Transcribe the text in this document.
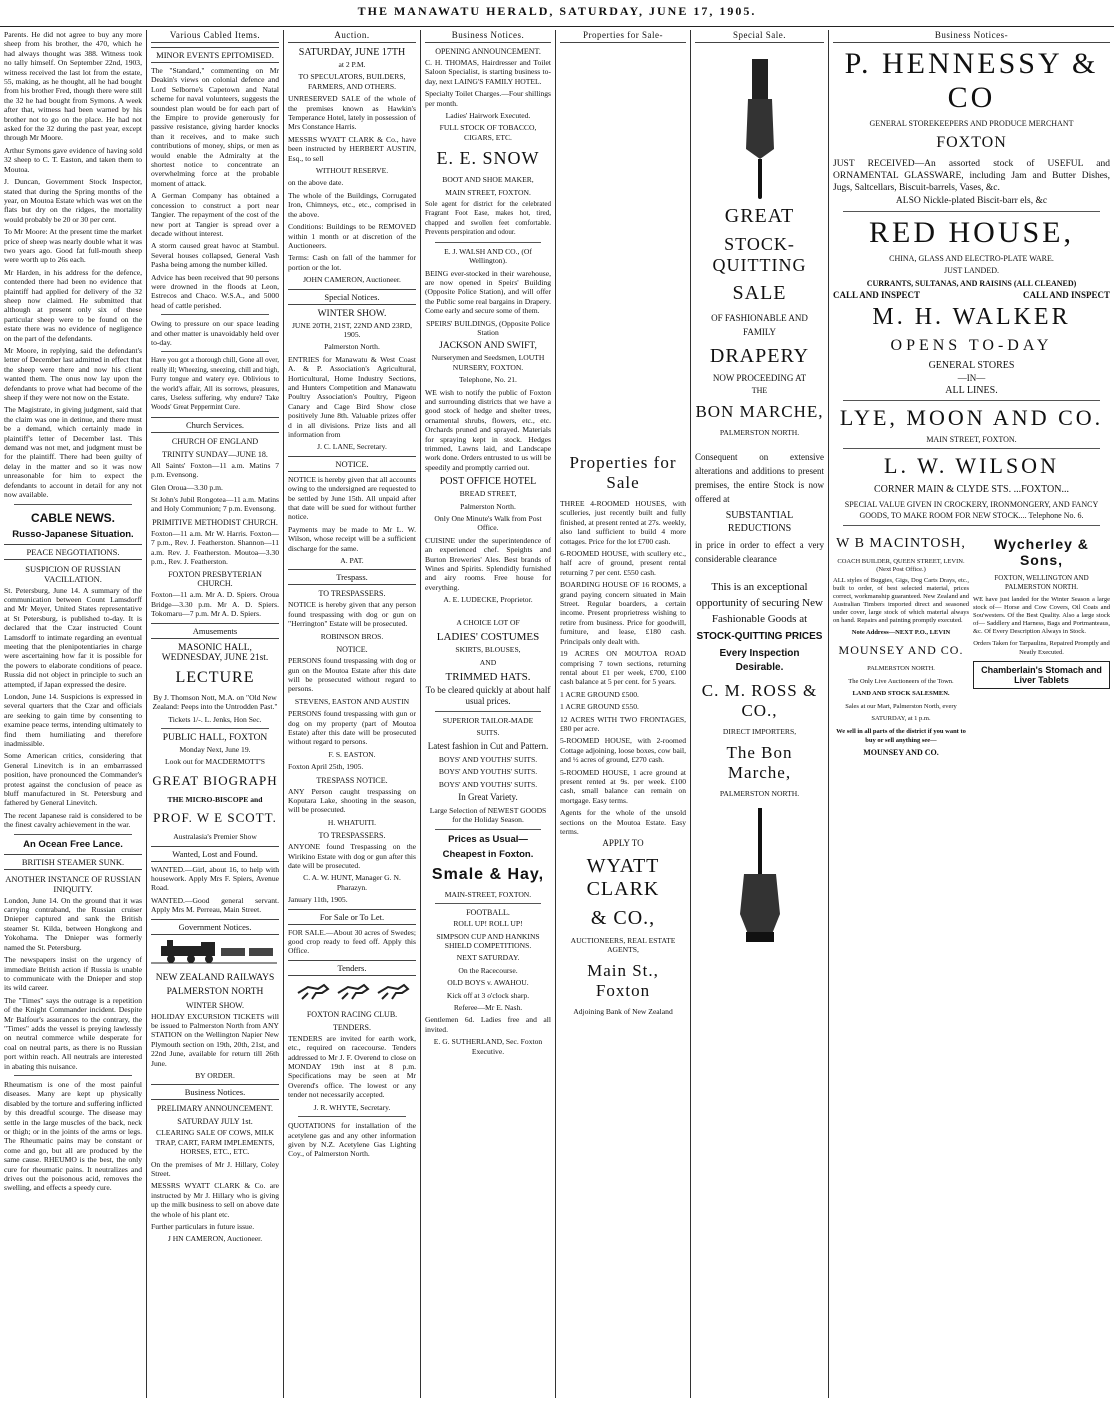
THE MANAWATU HERALD, SATURDAY, JUNE 17, 1905.

Parents. He did not agree to buy any more sheep from his brother, the 470, which he had always thought was 388. Witness took no tally himself. On September 22nd, 1903, witness received the last lot from the estate, 55, making, as he thought, all he had bought from his brother Fred, though there were still the 32 he had bought from Symons. A week after that, witness had been warned by his brother not to go on the place. He had not asked for the 32 during the past year, except through Mr Moore.

Arthur Symons gave evidence of having sold 32 sheep to C. T. Easton, and taken them to Moutoa.

J. Duncan, Government Stock Inspector, stated that during the Spring months of the year, on Moutoa Estate which was wet on the flats but dry on the ridges, the mortality would probably be 20 or 30 per cent.

To Mr Moore: At the present time the market price of sheep was nearly double what it was two years ago. Good fat full-mouth sheep were worth up to 26s each.

Mr Harden, in his address for the defence, contended there had been no evidence that plaintiff had applied for delivery of the 32 sheep now claimed. He submitted that although at present only six of these particular sheep were to be found on the estate there was no evidence of negligence on the part of the defendants.

Mr Moore, in replying, said the defendant's letter of December last admitted in effect that the sheep were there and now his client wanted them. The onus now lay upon the defendants to prove what had become of the sheep if they were not now on the Estate.

The Magistrate, in giving judgment, said that the claim was one in detinue, and there must be a demand, which certainly made in plaintiff's letter of December last. This demand was not met, and judgment must be for the plaintiff. There had been guilty of delay in the matter and so it was now unreasonable for him to expect the defendants to account in detail for any not now available.

CABLE NEWS.
Russo-Japanese Situation.
PEACE NEGOTIATIONS.
SUSPICION OF RUSSIAN VACILLATION.

St. Petersburg, June 14. A summary of the communication between Count Lamsdorff and Mr Meyer, United States representative at St Petersburg, is published to-day. It is declared that the Czar instructed Count Lamsdorff to intimate regarding an eventual meeting that the plenipotentiaries in charge were ascertaining how far it is possible for the powers to elaborate conditions of peace. Russia did not object in principle to such an attempted, if Japan expressed the desire.

London, June 14. Suspicions is expressed in several quarters that the Czar and officials are seeking to gain time by consenting to examine peace terms, intending ultimately to find them humiliating and therefore inadmissible.

Some American critics, considering that General Linevitch is in an embarrassed position, have pronounced the Commander's protest against the conclusion of peace as bluff manufactured in St. Petersburg and fathered by General Linevitch.

The recent Japanese raid is considered to be the finest cavalry achievement in the war.

An Ocean Free Lance.
BRITISH STEAMER SUNK.
ANOTHER INSTANCE OF RUSSIAN INIQUITY.

London, June 14. On the ground that it was carrying contraband, the Russian cruiser Dnieper captured and sank the British steamer St. Kilda, between Hongkong and Yokohama. The Dnieper was formerly named the St. Petersburg.

The newspapers insist on the urgency of immediate British action if Russia is unable to communicate with the Dnieper and stop its wild career.

The "Times" says the outrage is a repetition of the Knight Commander incident. Despite Mr Balfour's assurances to the contrary, the "Times" adds the vessel is preying lawlessly on neutral commerce while desperate for coal on neutral parts, as there is no Russian port within reach. All neutrals are interested in abating this nuisance.

Rheumatism is one of the most painful diseases. Many are kept up physically disabled by the torture and suffering inflicted by this dreadful scourge. The disease may settle in the large muscles of the back, neck or thigh; or in the joints of the arms or legs. The Rheumatic pains may be constant or come and go, but all are produced by the same cause. RHEUMO is the best, the only cure for rheumatic pains. It neutralizes and drives out the poisonous acid, removes the swelling, and effects a speedy cure.

Various Cabled Items.
MINOR EVENTS EPITOMISED.

The "Standard," commenting on Mr Deakin's views on colonial defence and Lord Selborne's Capetown and Natal scheme for naval volunteers, suggests the soundest plan would be for each part of the Empire to provide generously for passive resistance, giving harder knocks than it receives, and to make such contributions of money, ships, or men as would enable the Admiralty at the shortest notice to concentrate an overwhelming force at the probable moment of attack.

A German Company has obtained a concession to construct a port near Tangier. The repayment of the cost of the new port at Tangier is spread over a decade without interest.

A storm caused great havoc at Stambul. Several houses collapsed, General Vash Pasha being among the number killed.

Advice has been received that 90 persons were drowned in the floods at Leon, Estrecos and Chaco. W.S.A., and 5000 head of cattle perished.

Owing to pressure on our space leading and other matter is unavoidably held over to-day.

Have you got a thorough chill, Gone all over, really ill; Wheezing, sneezing, chill and high, Furry tongue and watery eye. Oblivious to the world's affair, All its sorrows, pleasures, cares, Useless suffering, why endure? Take Woods' Great Peppermint Cure.

Church Services.
CHURCH OF ENGLAND
TRINITY SUNDAY—JUNE 18.

All Saints' Foxton—11 a.m. Matins 7 p.m. Evensong.

Glen Oroua—3.30 p.m.

St John's Jubil Rongotea—11 a.m. Matins and Holy Communion; 7 p.m. Evensong.

PRIMITIVE METHODIST CHURCH.

Foxton—11 a.m. Mr W. Harris. Foxton—7 p.m., Rev. J. Featherston. Shannon—11 a.m. Rev. J. Featherston. Moutoa—3.30 p.m., Rev. J. Featherston.

FOXTON PRESBYTERIAN CHURCH.

Foxton—11 a.m. Mr A. D. Spiers. Oroua Bridge—3.30 p.m. Mr A. D. Spiers. Tokomaru—7 p.m. Mr A. D. Spiers.

Amusements
MASONIC HALL, WEDNESDAY, JUNE 21st.
LECTURE

By J. Thomson Nott, M.A. on "Old New Zealand: Peeps into the Untrodden Past."

Tickets 1/-. L. Jenks, Hon Sec.

PUBLIC HALL, FOXTON

Monday Next, June 19.

Look out for MACDERMOTT'S

GREAT BIOGRAPH

THE MICRO-BISCOPE and

PROF. W E SCOTT.

Australasia's Premier Show

Wanted, Lost and Found.

WANTED.—Girl, about 16, to help with housework. Apply Mrs F. Spiers, Avenue Road.

WANTED.—Good general servant. Apply Mrs M. Perreau, Main Street.

Government Notices.
NEW ZEALAND RAILWAYS
PALMERSTON NORTH
WINTER SHOW.

HOLIDAY EXCURSION TICKETS will be issued to Palmerston North from ANY STATION on the Wellington Napier New Plymouth section on 19th, 20th, 21st, and 22nd June, available for return till 26th June.

BY ORDER.

Business Notices.
PRELIMARY ANNOUNCEMENT.
SATURDAY JULY 1st.

CLEARING SALE OF COWS, MILK TRAP, CART, FARM IMPLEMENTS, HORSES, ETC., ETC.

On the premises of Mr J. Hillary, Coley Street.

MESSRS WYATT CLARK & Co. are instructed by Mr J. Hillary who is giving up the milk business to sell on above date the whole of his plant etc.

Further particulars in future issue.

J HN CAMERON, Auctioneer.

Auction.
SATURDAY, JUNE 17TH

at 2 P.M.

TO SPECULATORS, BUILDERS, FARMERS, AND OTHERS.

UNRESERVED SALE of the whole of the premises known as Hawkin's Temperance Hotel, lately in possession of Mrs Constance Harris.

MESSRS WYATT CLARK & Co., have been instructed by HERBERT AUSTIN, Esq., to sell

WITHOUT RESERVE.

on the above date.

The whole of the Buildings, Corrugated Iron, Chimneys, etc., etc., comprised in the above.

Conditions: Buildings to be REMOVED within 1 month or at discretion of the Auctioneers.

Terms: Cash on fall of the hammer for portion or the lot.

JOHN CAMERON, Auctioneer.

Special Notices.
WINTER SHOW.

JUNE 20TH, 21ST, 22ND AND 23RD, 1905.

Palmerston North.

ENTRIES for Manawatu & West Coast A. & P. Association's Agricultural, Horticultural, Home Industry Sections, and Hunters Competition and Manawatu Poultry Association's Poultry, Pigeon Canary and Cage Bird Show close positively June 8th. Valuable prizes offer d in all divisions. Prize lists and all information from

J. C. LANE, Secretary.

NOTICE.

NOTICE is hereby given that all accounts owing to the undersigned are requested to be settled by June 15th. All unpaid after that date will be sued for without further notice.

Payments may be made to Mr L. W. Wilson, whose receipt will be a sufficient discharge for the same.

A. PAT.

Trespass.
TO TRESPASSERS.

NOTICE is hereby given that any person found trespassing with dog or gun on "Herrington" Estate will be prosecuted.

ROBINSON BROS.

NOTICE.

PERSONS found trespassing with dog or gun on the Moutoa Estate after this date will be prosecuted without regard to persons.

STEVENS, EASTON AND AUSTIN

PERSONS found trespassing with gun or dog on my property (part of Moutoa Estate) after this date will be prosecuted without regard to persons.

F. S. EASTON.

Foxton April 25th, 1905.

TRESPASS NOTICE.

ANY Person caught trespassing on Koputara Lake, shooting in the season, will be prosecuted.

H. WHATUITI.

TO TRESPASSERS.

ANYONE found Trespassing on the Wirikino Estate with dog or gun after this date will be prosecuted.

C. A. W. HUNT, Manager G. N. Pharazyn.

January 11th, 1905.

For Sale or To Let.

FOR SALE.—About 30 acres of Swedes; good crop ready to feed off. Apply this Office.

Tenders.
FOXTON RACING CLUB.
TENDERS.

TENDERS are invited for earth work, etc., required on racecourse. Tenders addressed to Mr J. F. Overend to close on MONDAY 19th inst at 8 p.m. Specifications may be seen at Mr Overend's office. The lowest or any tender not necessarily accepted.

J. R. WHYTE, Secretary.

QUOTATIONS for installation of the acetylene gas and any other information given by N.Z. Acetylene Gas Lighting Coy., of Palmerston North.

Business Notices.
OPENING ANNOUNCEMENT.

C. H. THOMAS, Hairdresser and Toilet Saloon Specialist, is starting business to-day, next LAING'S FAMILY HOTEL.

Specialty Toilet Charges.—Four shillings per month.

Ladies' Hairwork Executed.

FULL STOCK OF TOBACCO, CIGARS, ETC.

E. E. SNOW

BOOT AND SHOE MAKER,

MAIN STREET, FOXTON.

Sole agent for district for the celebrated Fragrant Foot Ease, makes hot, tired, chapped and swollen feet comfortable. Prevents perspiration and odour.

E. J. WALSH AND CO., (Of Wellington).

BEING ever-stocked in their warehouse, are now opened in Speirs' Building (Opposite Police Station), and will offer the Public some real bargains in Drapery. Come early and secure some of them.

SPEIRS' BUILDINGS, (Opposite Police Station

JACKSON AND SWIFT,

Nurserymen and Seedsmen, LOUTH NURSERY, FOXTON.

Telephone, No. 21.

WE wish to notify the public of Foxton and surrounding districts that we have a good stock of hedge and shelter trees, ornamental shrubs, flowers, etc., etc. Orchards pruned and sprayed. Materials for spraying kept in stock. Hedges trimmed, Lawns laid, and Landscape work done. Orders entrusted to us will be speedily and promptly carried out.

POST OFFICE HOTEL

BREAD STREET,

Palmerston North.

Only One Minute's Walk from Post Office.

CUISINE under the superintendence of an experienced chef. Speights and Burton Breweries' Ales. Best brands of Wines and Spirits. Splendidly furnished and airy rooms. Free house for everything.

A. E. LUDECKE, Proprietor.

A CHOICE LOT OF

LADIES' COSTUMES

SKIRTS, BLOUSES,

AND

TRIMMED HATS.

To be cleared quickly at about half usual prices.

SUPERIOR TAILOR-MADE

SUITS.

Latest fashion in Cut and Pattern.

BOYS' AND YOUTHS' SUITS.

BOYS' AND YOUTHS' SUITS.

BOYS' AND YOUTHS' SUITS.

In Great Variety.

Large Selection of NEWEST GOODS for the Holiday Season.

Prices as Usual—
Cheapest in Foxton.
Smale & Hay,

MAIN-STREET, FOXTON.

FOOTBALL.

ROLL UP! ROLL UP!

SIMPSON CUP AND HANKINS SHIELD COMPETITIONS.

NEXT SATURDAY.

On the Racecourse.

OLD BOYS v. AWAHOU.

Kick off at 3 o'clock sharp.

Referee—Mr E. Nash.

Gentlemen 6d. Ladies free and all invited.

E. G. SUTHERLAND, Sec. Foxton Executive.

Properties for Sale-
Properties for Sale

THREE 4-ROOMED HOUSES, with sculleries, just recently built and fully finished, at present rented at 27s. weekly, also land sufficient to build 4 more cottages. Price for the lot £700 cash.

6-ROOMED HOUSE, with scullery etc., half acre of ground, present rental returning 7 per cent. £550 cash.

BOARDING HOUSE OF 16 ROOMS, a grand paying concern situated in Main Street. Regular boarders, a certain income. Present proprietress wishing to retire from business. Price for goodwill, furniture, and lease, £180 cash. Principals only dealt with.

19 ACRES ON MOUTOA ROAD comprising 7 town sections, returning rental about £1 per week, £700, £100 cash balance at 5 per cent. for 5 years.

1 ACRE GROUND £500.

1 ACRE GROUND £550.

12 ACRES WITH TWO FRONTAGES, £80 per acre.

5-ROOMED HOUSE, with 2-roomed Cottage adjoining, loose boxes, cow bail, and ½ acres of ground, £270 cash.

5-ROOMED HOUSE, 1 acre ground at present rented at 9s. per week. £100 cash, small balance can remain on mortgage. Easy terms.

Agents for the whole of the unsold sections on the Moutoa Estate. Easy terms.

APPLY TO

WYATT CLARK
& CO.,

AUCTIONEERS, REAL ESTATE AGENTS,

Main St., Foxton

Adjoining Bank of New Zealand

Special Sale.
GREAT
STOCK-QUITTING
SALE

OF FASHIONABLE AND FAMILY

DRAPERY

NOW PROCEEDING AT

THE

BON MARCHE,

PALMERSTON NORTH.

Consequent on extensive alterations and additions to present premises, the entire Stock is now offered at

SUBSTANTIAL REDUCTIONS

in price in order to effect a very considerable clearance

This is an exceptional opportunity of securing New Fashionable Goods at

STOCK-QUITTING PRICES

Every Inspection Desirable.

C. M. ROSS & CO.,

DIRECT IMPORTERS,

The Bon Marche,

PALMERSTON NORTH.

Business Notices-
P. HENNESSY & CO

GENERAL STOREKEEPERS AND PRODUCE MERCHANT

FOXTON

JUST RECEIVED—An assorted stock of USEFUL and ORNAMENTAL GLASSWARE, including Jam and Butter Dishes, Jugs, Saltcellars, Biscuit-barrels, Vases, &c.

ALSO Nickle-plated Biscit-barr els, &c

RED HOUSE,

CHINA, GLASS AND ELECTRO-PLATE WARE.

JUST LANDED.

CURRANTS, SULTANAS, AND RAISINS (ALL CLEANED)

CALL AND INSPECT	CALL AND INSPECT

M. H. WALKER
OPENS TO-DAY

GENERAL STORES

—IN—

ALL LINES.

LYE, MOON AND CO.

MAIN STREET, FOXTON.

L. W. WILSON

CORNER MAIN & CLYDE STS. ...FOXTON...

SPECIAL VALUE GIVEN IN CROCKERY, IRONMONGERY, AND FANCY GOODS, TO MAKE ROOM FOR NEW STOCK.... Telephone No. 6.

W B MACINTOSH,

COACH BUILDER, QUEEN STREET, LEVIN. (Next Post Office.)

ALL styles of Buggies, Gigs, Dog Carts Drays, etc., built to order, of best selected material, prices correct, workmanship guaranteed. New Zealand and Australian Timbers imported direct and seasoned under cover, large stock of which material always on hand. Repairs and painting promptly executed.

Note Address—NEXT P.O., LEVIN

MOUNSEY AND CO.

PALMERSTON NORTH.

The Only Live Auctioneers of the Town.

LAND AND STOCK SALESMEN.

Sales at our Mart, Palmerston North, every

SATURDAY, at 1 p.m.

We sell in all parts of the district if you want to buy or sell anything see—

MOUNSEY AND CO.

Wycherley & Sons,

FOXTON, WELLINGTON AND PALMERSTON NORTH.

WE have just landed for the Winter Season a large stock of— Horse and Cow Covers, Oil Coats and Sou'westers. Of the Best Quality. Also a large stock of— Saddlery and Harness, Bags and Portmanteaus, &c. Of Every Description Always in Stock.

Orders Taken for Tarpaulins, Repaired Promptly and Neatly Executed.

Chamberlain's Stomach and Liver Tablets
